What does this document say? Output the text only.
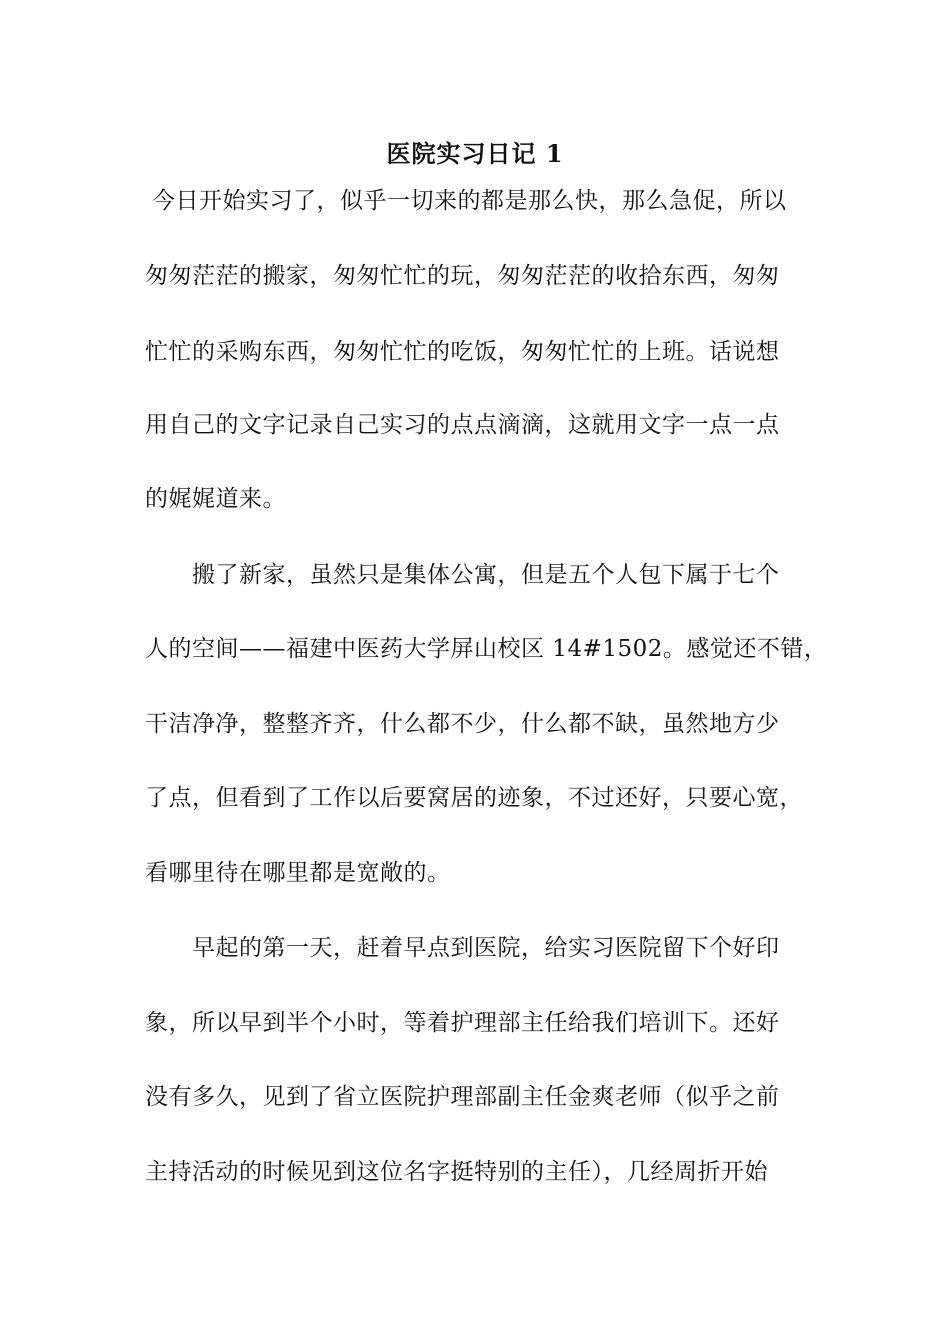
医院实习日记 1
今日开始实习了，似乎一切来的都是那么快，那么急促，所以
匆匆茫茫的搬家，匆匆忙忙的玩，匆匆茫茫的收拾东西，匆匆
忙忙的采购东西，匆匆忙忙的吃饭，匆匆忙忙的上班。话说想
用自己的文字记录自己实习的点点滴滴，这就用文字一点一点
的娓娓道来。
搬了新家，虽然只是集体公寓，但是五个人包下属于七个
人的空间——福建中医药大学屏山校区 14#1502。感觉还不错，
干洁净净，整整齐齐，什么都不少，什么都不缺，虽然地方少
了点，但看到了工作以后要窝居的迹象，不过还好，只要心宽，
看哪里待在哪里都是宽敞的。
早起的第一天，赶着早点到医院，给实习医院留下个好印
象，所以早到半个小时，等着护理部主任给我们培训下。还好
没有多久，见到了省立医院护理部副主任金爽老师（似乎之前
主持活动的时候见到这位名字挺特别的主任），几经周折开始
